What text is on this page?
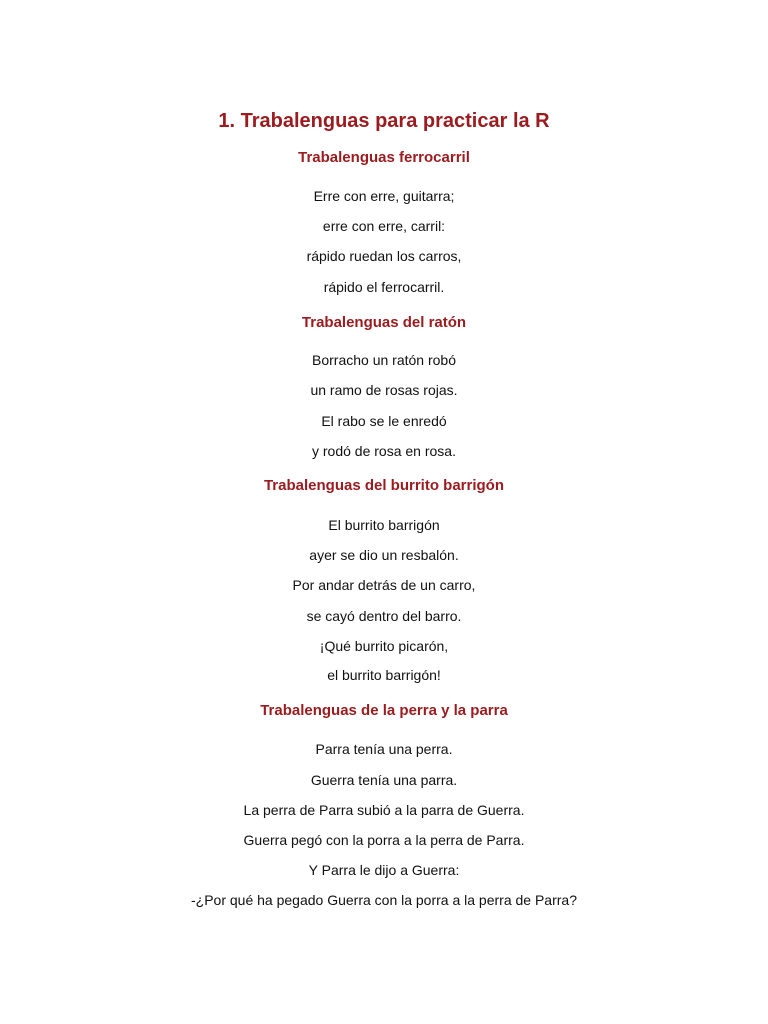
1. Trabalenguas para practicar la R
Trabalenguas ferrocarril
Erre con erre, guitarra;
erre con erre, carril:
rápido ruedan los carros,
rápido el ferrocarril.
Trabalenguas del ratón
Borracho un ratón robó
un ramo de rosas rojas.
El rabo se le enredó
y rodó de rosa en rosa.
Trabalenguas del burrito barrigón
El burrito barrigón
ayer se dio un resbalón.
Por andar detrás de un carro,
se cayó dentro del barro.
¡Qué burrito picarón,
el burrito barrigón!
Trabalenguas de la perra y la parra
Parra tenía una perra.
Guerra tenía una parra.
La perra de Parra subió a la parra de Guerra.
Guerra pegó con la porra a la perra de Parra.
Y Parra le dijo a Guerra:
-¿Por qué ha pegado Guerra con la porra a la perra de Parra?
